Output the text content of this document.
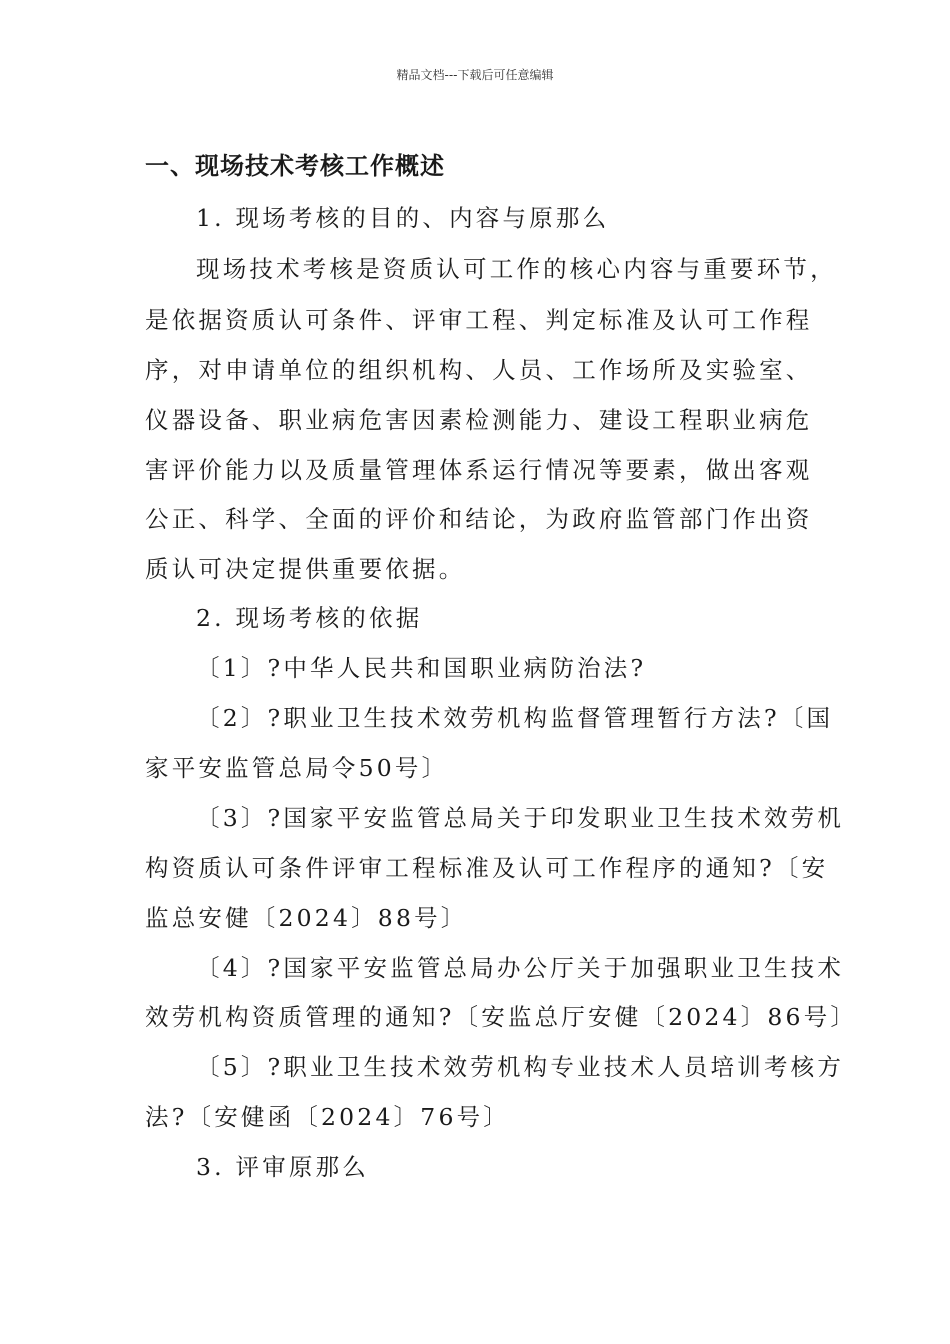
精品文档---下载后可任意编辑
一、现场技术考核工作概述
1. 现场考核的目的、内容与原那么
现场技术考核是资质认可工作的核心内容与重要环节，
是依据资质认可条件、评审工程、判定标准及认可工作程
序，对申请单位的组织机构、人员、工作场所及实验室、
仪器设备、职业病危害因素检测能力、建设工程职业病危
害评价能力以及质量管理体系运行情况等要素，做出客观
公正、科学、全面的评价和结论，为政府监管部门作出资
质认可决定提供重要依据。
2. 现场考核的依据
〔1〕?中华人民共和国职业病防治法?
〔2〕?职业卫生技术效劳机构监督管理暂行方法?〔国
家平安监管总局令50号〕
〔3〕?国家平安监管总局关于印发职业卫生技术效劳机
构资质认可条件评审工程标准及认可工作程序的通知?〔安
监总安健〔2024〕88号〕
〔4〕?国家平安监管总局办公厅关于加强职业卫生技术
效劳机构资质管理的通知?〔安监总厅安健〔2024〕86号〕
〔5〕?职业卫生技术效劳机构专业技术人员培训考核方
法?〔安健函〔2024〕76号〕
3. 评审原那么
